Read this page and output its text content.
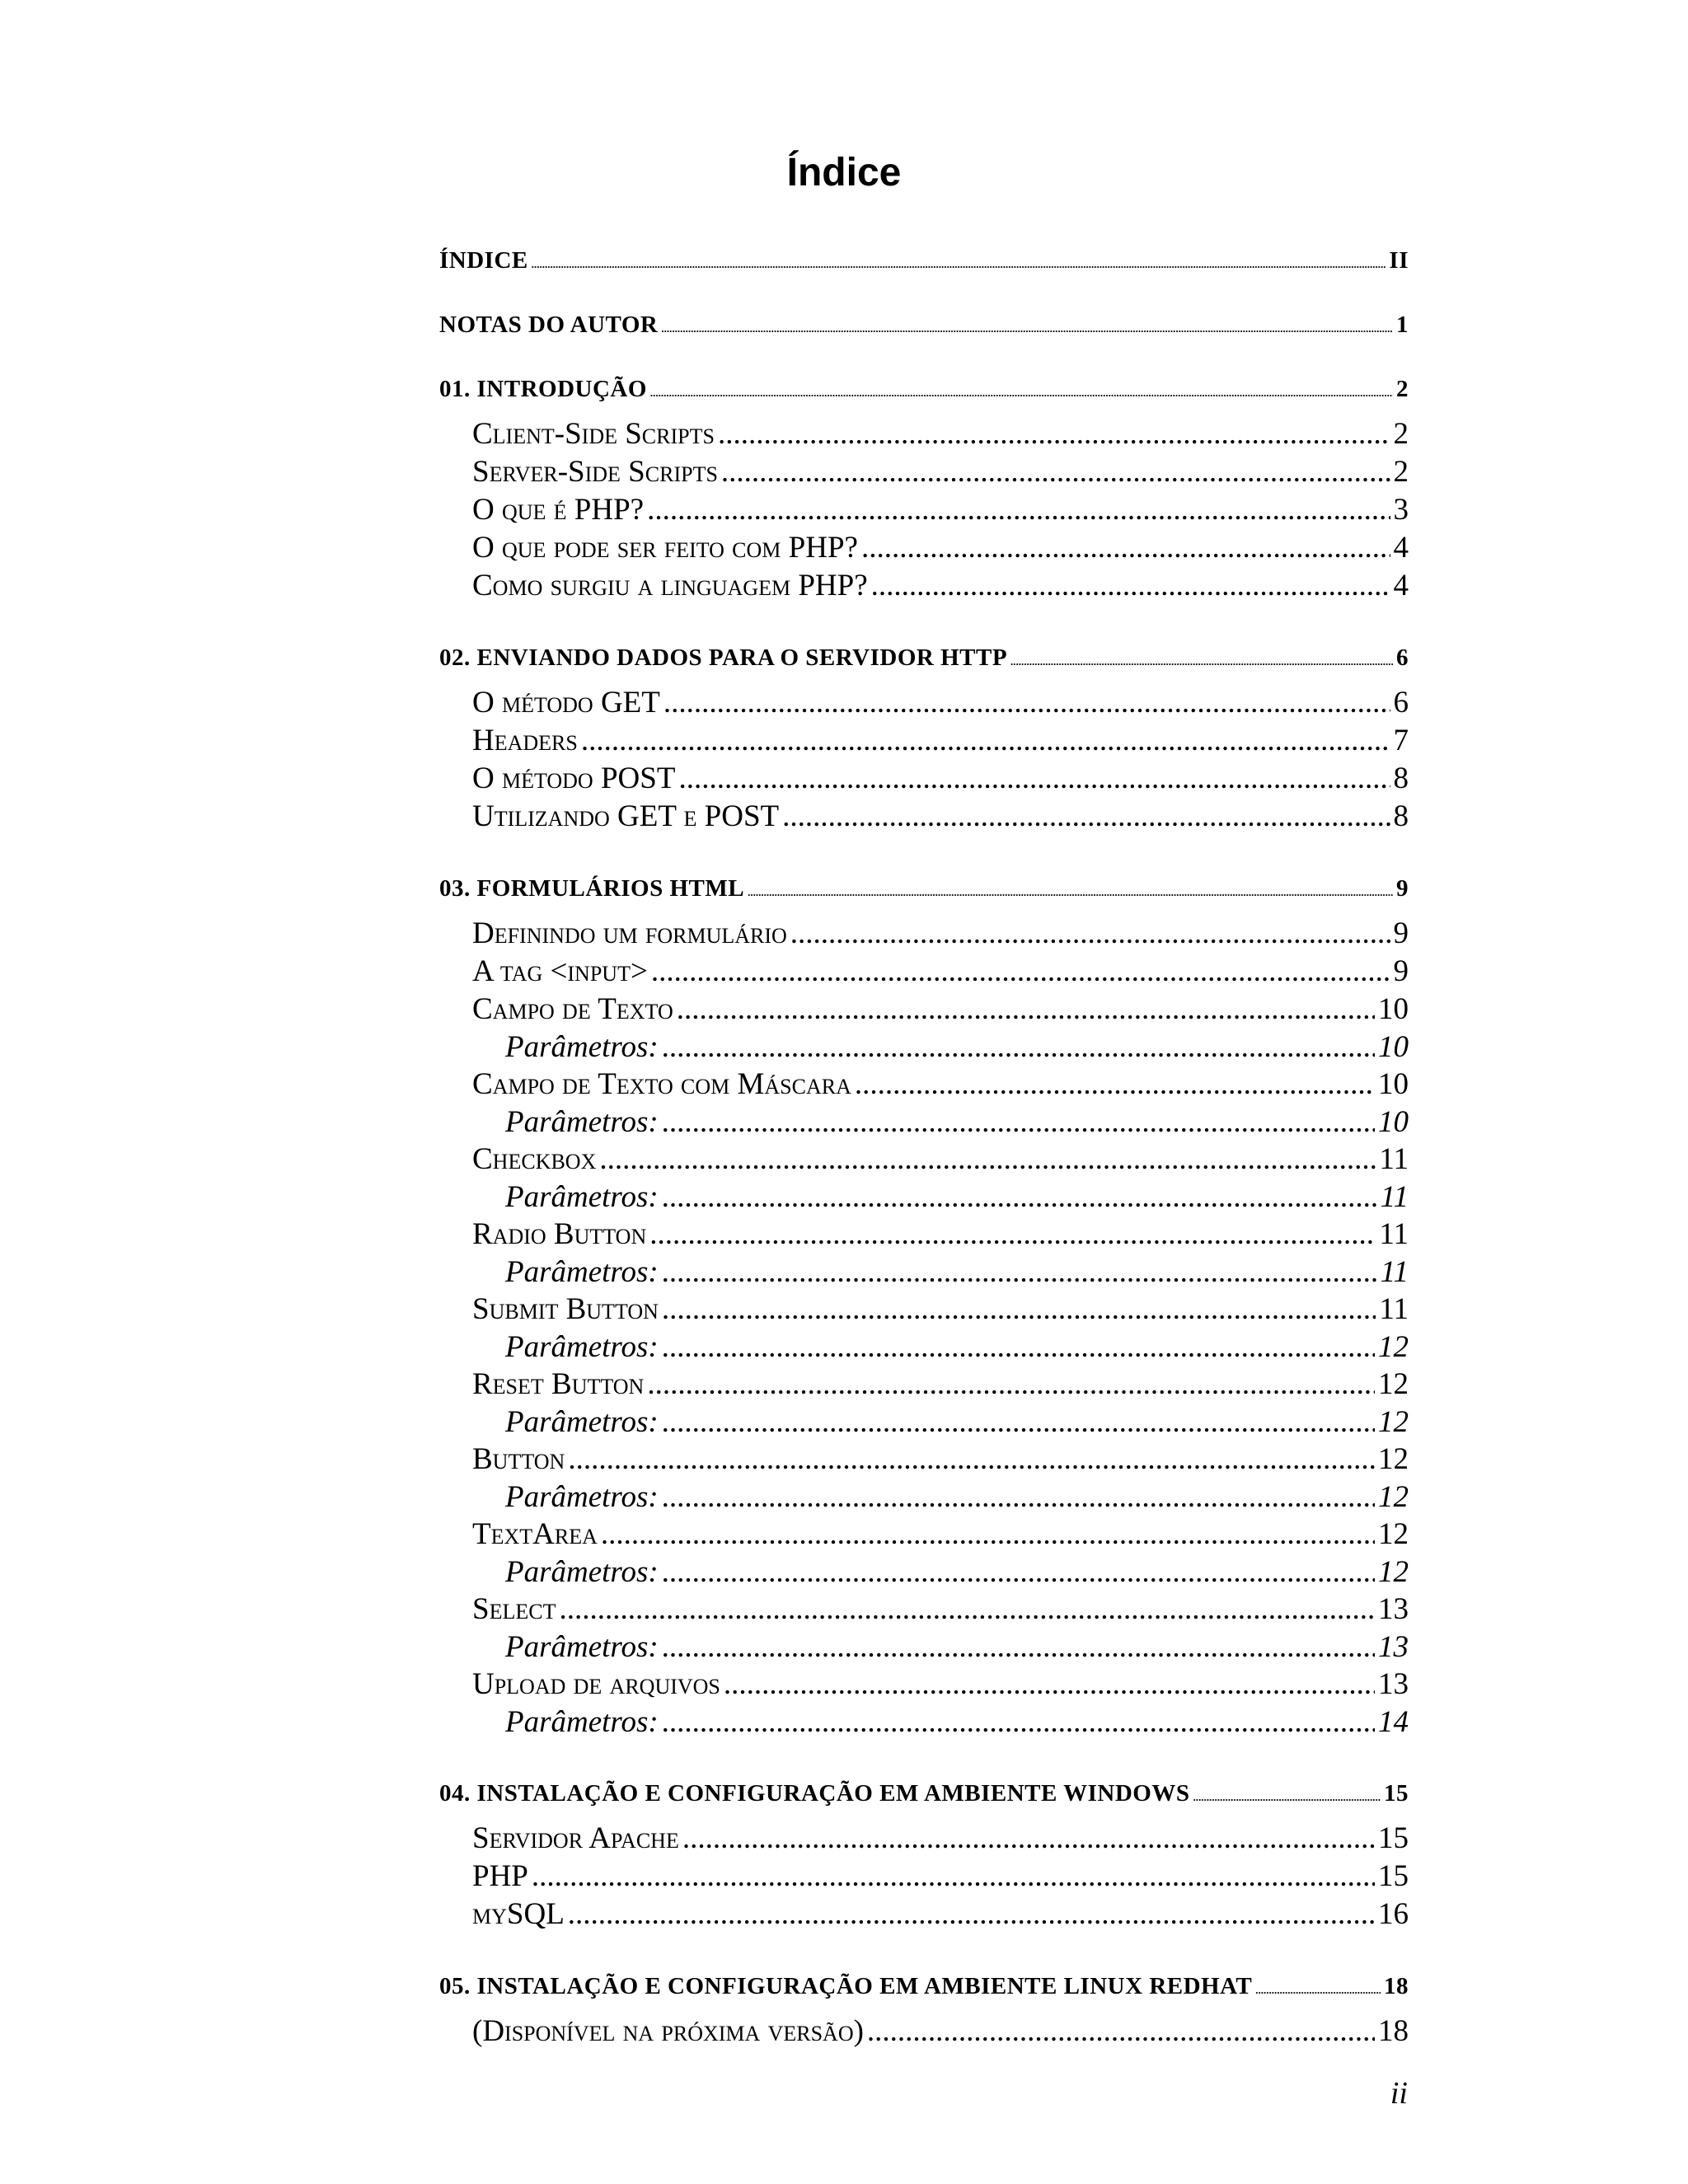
Índice
ÍNDICE .....	II
NOTAS DO AUTOR .....	1
01. INTRODUÇÃO .....	2
Client-Side Scripts .....	2
Server-Side Scripts .....	2
O que é PHP? .....	3
O que pode ser feito com PHP? .....	4
Como surgiu a linguagem PHP? .....	4
02. ENVIANDO DADOS PARA O SERVIDOR HTTP .....	6
O método GET .....	6
Headers .....	7
O método POST .....	8
Utilizando GET e POST .....	8
03. FORMULÁRIOS HTML .....	9
Definindo um formulário .....	9
A tag <input> .....	9
Campo de Texto .....	10
Parâmetros: .....	10
Campo de Texto com Máscara .....	10
Parâmetros: .....	10
Checkbox .....	11
Parâmetros: .....	11
Radio Button .....	11
Parâmetros: .....	11
Submit Button .....	11
Parâmetros: .....	12
Reset Button .....	12
Parâmetros: .....	12
Button .....	12
Parâmetros: .....	12
TextArea .....	12
Parâmetros: .....	12
Select .....	13
Parâmetros: .....	13
Upload de arquivos .....	13
Parâmetros: .....	14
04. INSTALAÇÃO E CONFIGURAÇÃO EM AMBIENTE WINDOWS .....	15
Servidor Apache .....	15
PHP .....	15
mySQL .....	16
05. INSTALAÇÃO E CONFIGURAÇÃO EM AMBIENTE LINUX REDHAT .....	18
(Disponível na próxima versão) .....	18
ii
